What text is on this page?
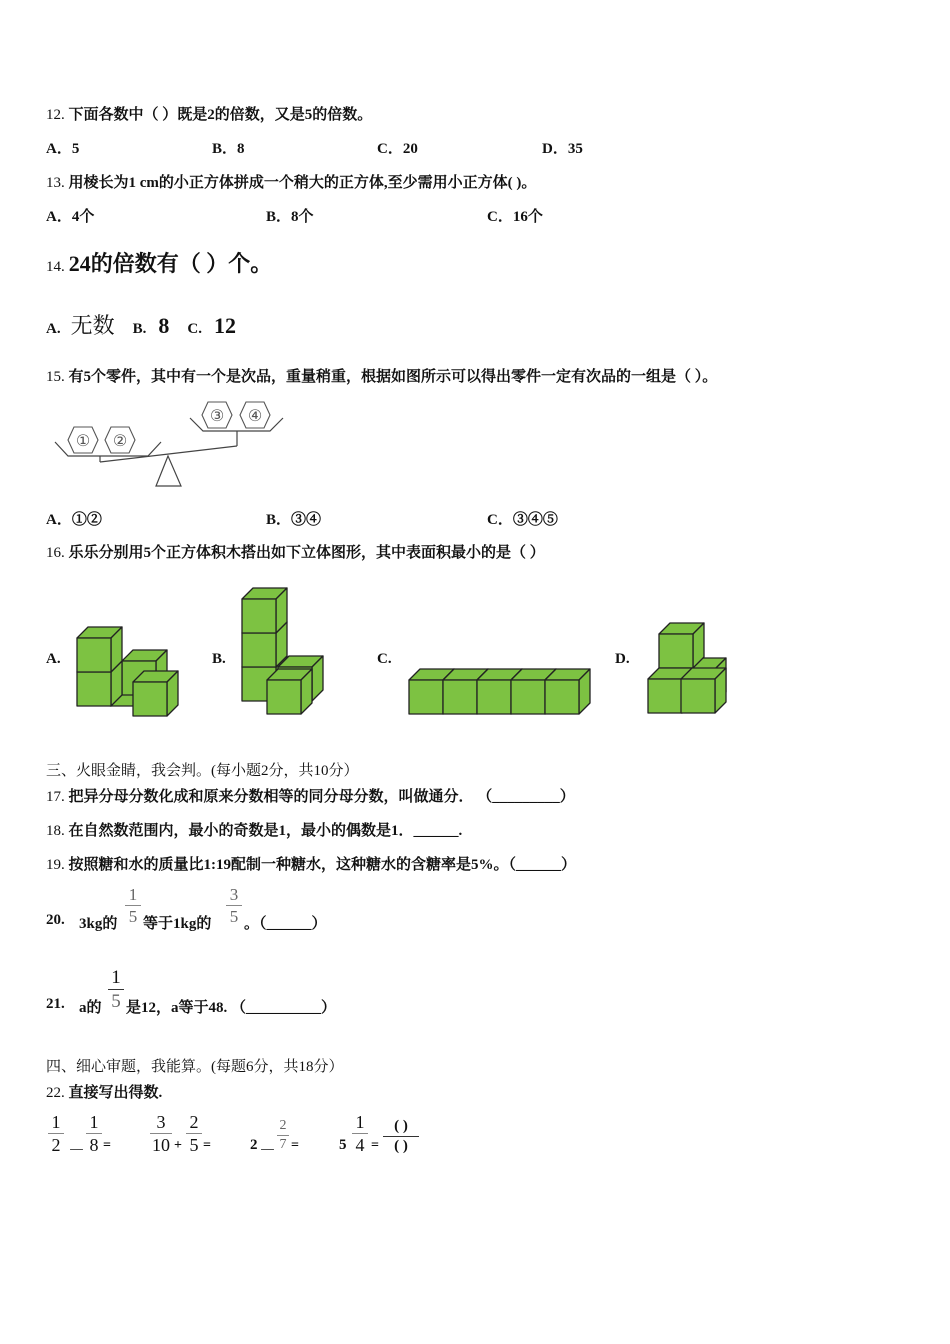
12. 下面各数中（ ）既是2的倍数，又是5的倍数。
A．5	B．8	C．20	D．35
13. 用棱长为1 cm的小正方体拼成一个稍大的正方体,至少需用小正方体( )。
A．4个	B．8个	C．16个
14. 24的倍数有（ ）个。
A. 无数 B. 8 C. 12
15. 有5个零件，其中有一个是次品，重量稍重，根据如图所示可以得出零件一定有次品的一组是（ ）。
① ②
③ ④
A．①②	B．③④	C．③④⑤
16. 乐乐分别用5个正方体积木搭出如下立体图形，其中表面积最小的是（ ）
A.	B.	C.	D.
三、火眼金睛，我会判。(每小题2分，共10分）
17. 把异分母分数化成和原来分数相等的同分母分数，叫做通分． （_________）
18. 在自然数范围内，最小的奇数是1，最小的偶数是1．______.
19. 按照糖和水的质量比1:19配制一种糖水，这种糖水的含糖率是5%。（______）
20. 3kg的
1
5 等于1kg的
3
5 。（______）
21. a的
1
5 是12，a等于48. （__________）
四、细心审题，我能算。(每题6分，共18分）
22. 直接写出得数.
1
2 －
1
8 =
3
10 +
2
5 =	2 －
2
7 =	5
1
4 =
( )
( )
